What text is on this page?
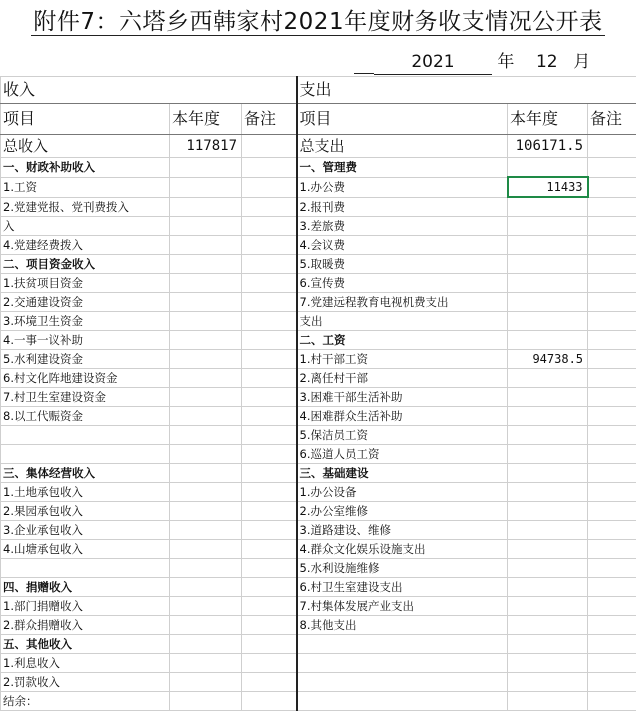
附件7：六塔乡西韩家村2021年度财务收支情况公开表
2021	年 12 月
收入			支出		
项目	本年度	备注	项目	本年度	备注
总收入	117817		总支出	106171.5	
一、财政补助收入			一、管理费		
1.工资			1.办公费	11433	
2.党建党报、党刊费拨入			2.报刊费		
入			3.差旅费		
4.党建经费拨入			4.会议费		
二、项目资金收入			5.取暖费		
1.扶贫项目资金			6.宣传费		
2.交通建设资金			7.党建远程教育电视机费支出		
3.环境卫生资金			支出		
4.一事一议补助			二、工资		
5.水利建设资金			1.村干部工资	94738.5	
6.村文化阵地建设资金			2.离任村干部		
7.村卫生室建设资金			3.困难干部生活补助		
8.以工代赈资金			4.困难群众生活补助		
			5.保洁员工资		
			6.巡道人员工资		
三、集体经营收入			三、基础建设		
1.土地承包收入			1.办公设备		
2.果园承包收入			2.办公室维修		
3.企业承包收入			3.道路建设、维修		
4.山塘承包收入			4.群众文化娱乐设施支出		
			5.水利设施维修		
四、捐赠收入			6.村卫生室建设支出		
1.部门捐赠收入			7.村集体发展产业支出		
2.群众捐赠收入			8.其他支出		
五、其他收入					
1.利息收入					
2.罚款收入					
结余：					
